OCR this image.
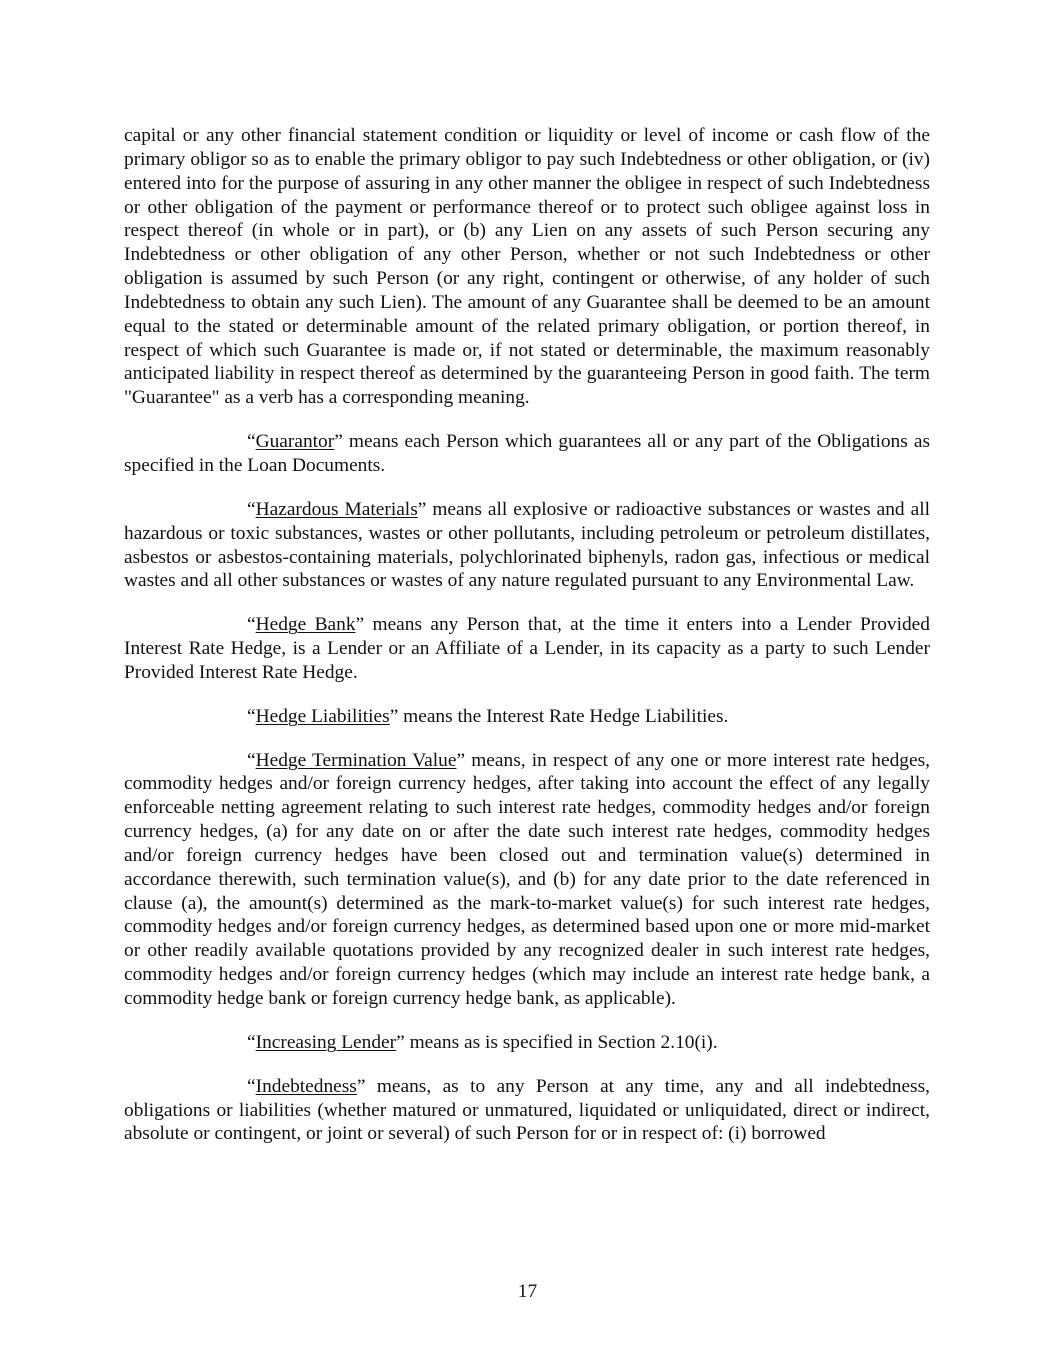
capital or any other financial statement condition or liquidity or level of income or cash flow of the primary obligor so as to enable the primary obligor to pay such Indebtedness or other obligation, or (iv) entered into for the purpose of assuring in any other manner the obligee in respect of such Indebtedness or other obligation of the payment or performance thereof or to protect such obligee against loss in respect thereof (in whole or in part), or (b) any Lien on any assets of such Person securing any Indebtedness or other obligation of any other Person, whether or not such Indebtedness or other obligation is assumed by such Person (or any right, contingent or otherwise, of any holder of such Indebtedness to obtain any such Lien). The amount of any Guarantee shall be deemed to be an amount equal to the stated or determinable amount of the related primary obligation, or portion thereof, in respect of which such Guarantee is made or, if not stated or determinable, the maximum reasonably anticipated liability in respect thereof as determined by the guaranteeing Person in good faith. The term "Guarantee" as a verb has a corresponding meaning.

“Guarantor” means each Person which guarantees all or any part of the Obligations as specified in the Loan Documents.

“Hazardous Materials” means all explosive or radioactive substances or wastes and all hazardous or toxic substances, wastes or other pollutants, including petroleum or petroleum distillates, asbestos or asbestos-containing materials, polychlorinated biphenyls, radon gas, infectious or medical wastes and all other substances or wastes of any nature regulated pursuant to any Environmental Law.

“Hedge Bank” means any Person that, at the time it enters into a Lender Provided Interest Rate Hedge, is a Lender or an Affiliate of a Lender, in its capacity as a party to such Lender Provided Interest Rate Hedge.

“Hedge Liabilities” means the Interest Rate Hedge Liabilities.

“Hedge Termination Value” means, in respect of any one or more interest rate hedges, commodity hedges and/or foreign currency hedges, after taking into account the effect of any legally enforceable netting agreement relating to such interest rate hedges, commodity hedges and/or foreign currency hedges, (a) for any date on or after the date such interest rate hedges, commodity hedges and/or foreign currency hedges have been closed out and termination value(s) determined in accordance therewith, such termination value(s), and (b) for any date prior to the date referenced in clause (a), the amount(s) determined as the mark-to-market value(s) for such interest rate hedges, commodity hedges and/or foreign currency hedges, as determined based upon one or more mid-market or other readily available quotations provided by any recognized dealer in such interest rate hedges, commodity hedges and/or foreign currency hedges (which may include an interest rate hedge bank, a commodity hedge bank or foreign currency hedge bank, as applicable).

“Increasing Lender” means as is specified in Section 2.10(i).

“Indebtedness” means, as to any Person at any time, any and all indebtedness, obligations or liabilities (whether matured or unmatured, liquidated or unliquidated, direct or indirect, absolute or contingent, or joint or several) of such Person for or in respect of: (i) borrowed

17
